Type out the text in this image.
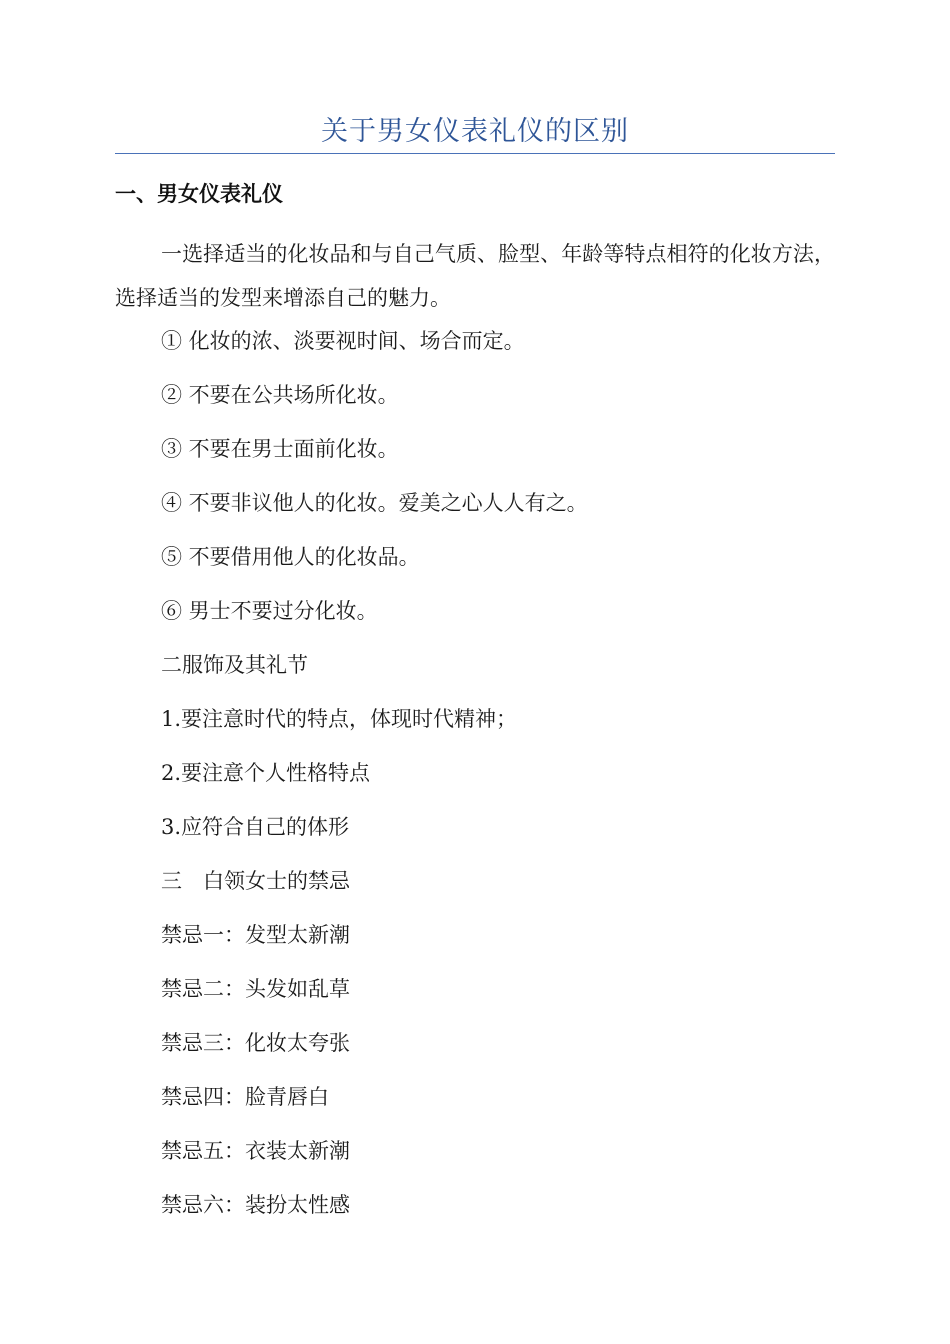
关于男女仪表礼仪的区别
一、男女仪表礼仪
一选择适当的化妆品和与自己气质、脸型、年龄等特点相符的化妆方法，选择适当的发型来增添自己的魅力。
① 化妆的浓、淡要视时间、场合而定。
② 不要在公共场所化妆。
③ 不要在男士面前化妆。
④ 不要非议他人的化妆。爱美之心人人有之。
⑤ 不要借用他人的化妆品。
⑥ 男士不要过分化妆。
二服饰及其礼节
1.要注意时代的特点，体现时代精神；
2.要注意个人性格特点
3.应符合自己的体形
三　白领女士的禁忌
禁忌一：发型太新潮
禁忌二：头发如乱草
禁忌三：化妆太夸张
禁忌四：脸青唇白
禁忌五：衣装太新潮
禁忌六：装扮太性感
